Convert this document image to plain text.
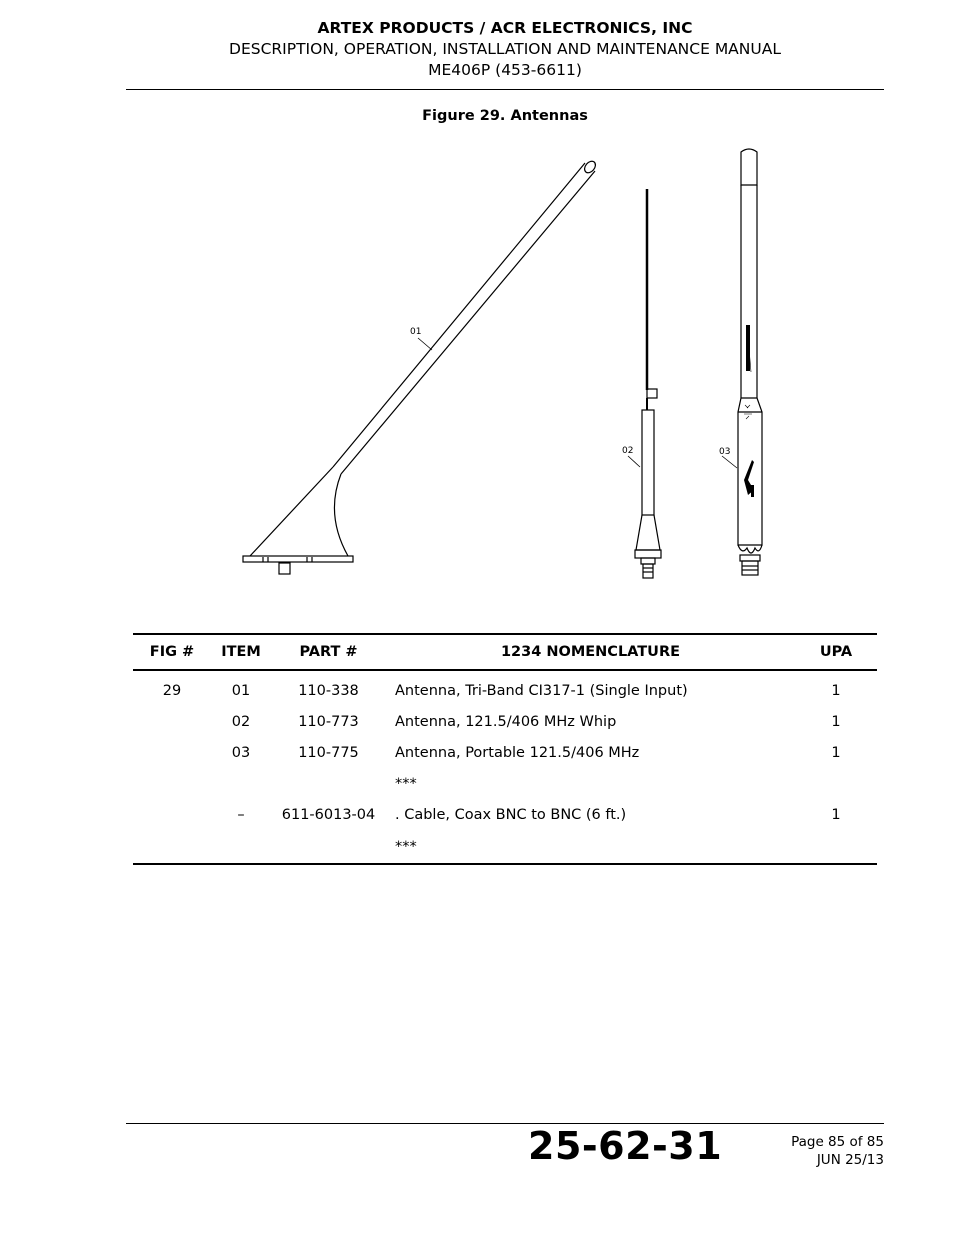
ARTEX PRODUCTS / ACR ELECTRONICS, INC
DESCRIPTION, OPERATION, INSTALLATION AND MAINTENANCE MANUAL
ME406P (453-6611)
Figure 29. Antennas
01
02	03
FIG #	ITEM	PART #	1234 NOMENCLATURE	UPA
29	01	110-338	Antenna, Tri-Band CI317-1 (Single Input)	1
	02	110-773	Antenna, 121.5/406 MHz Whip	1
	03	110-775	Antenna, Portable 121.5/406 MHz	1
			***	
	–	611-6013-04	. Cable, Coax BNC to BNC (6 ft.)	1
			***	
25-62-31	Page 85 of 85
JUN 25/13
